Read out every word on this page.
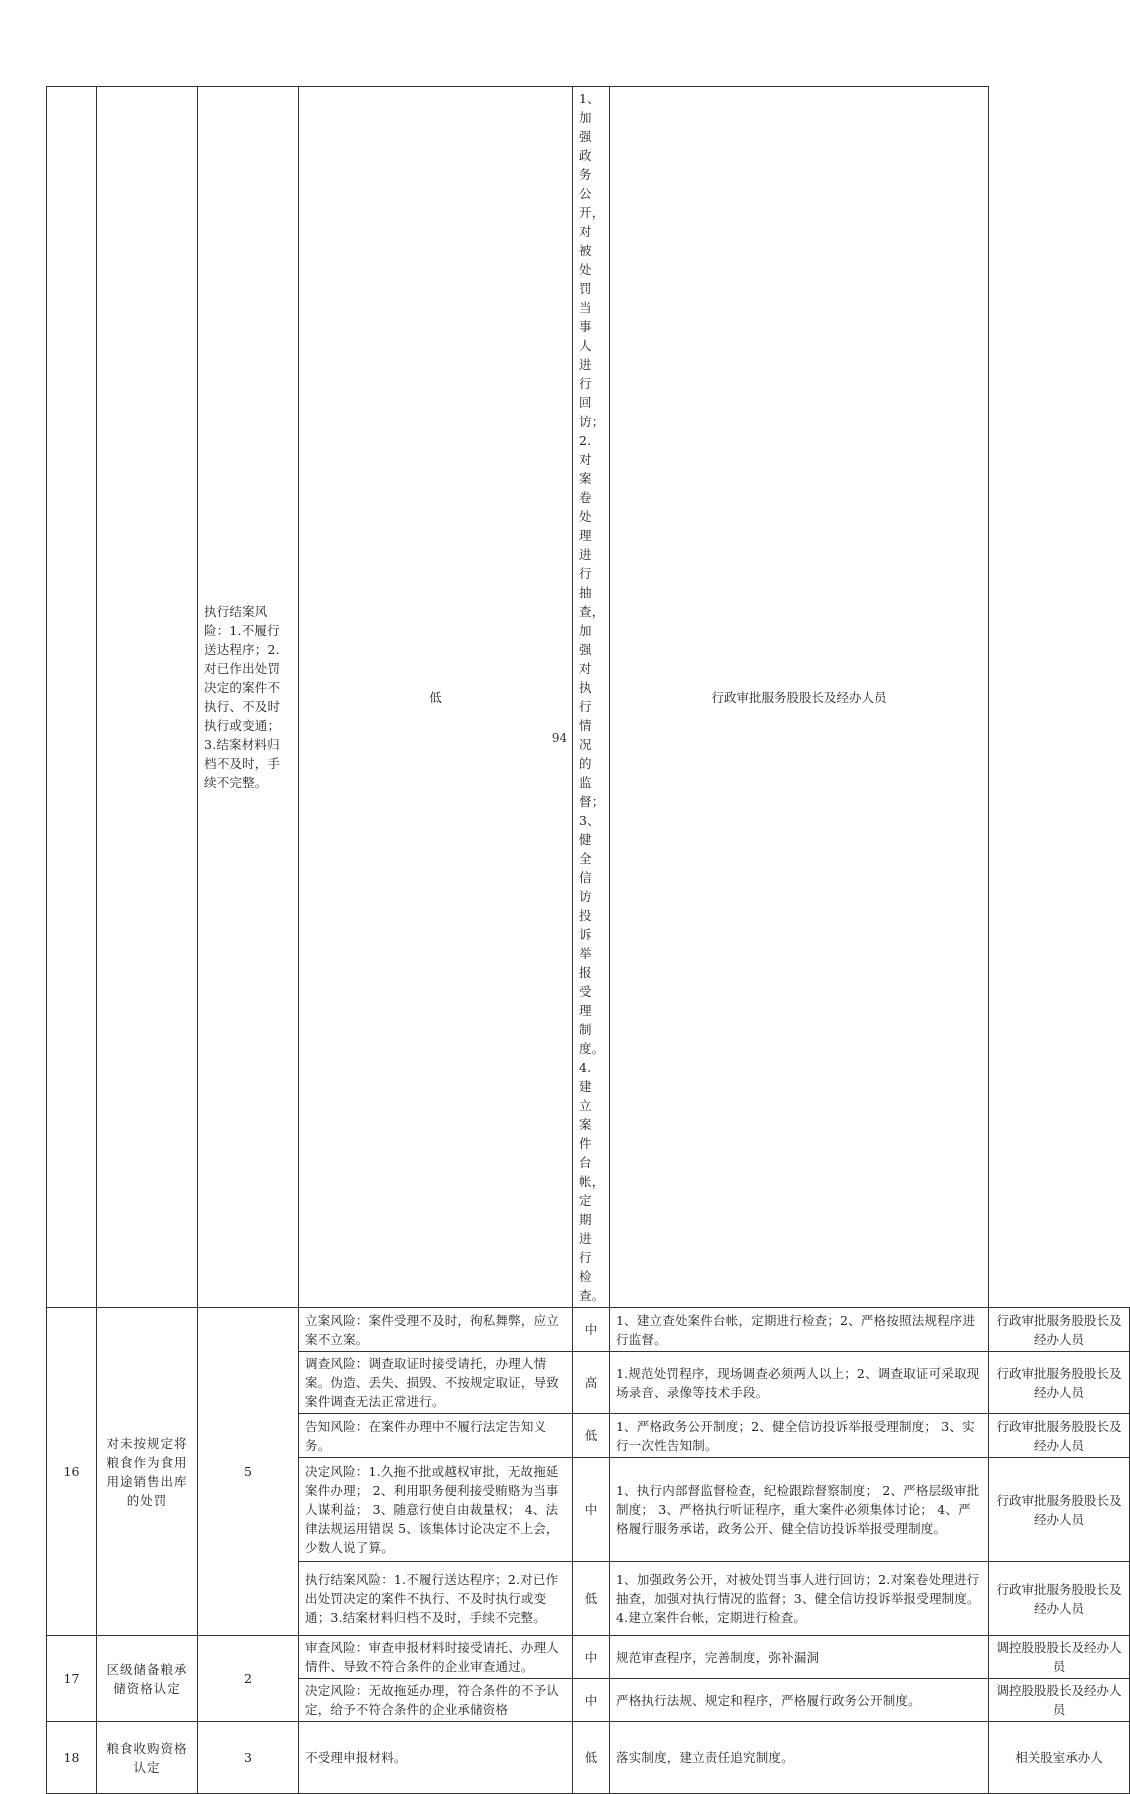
		执行结案风险：1.不履行送达程序；2.对已作出处罚决定的案件不执行、不及时执行或变通；3.结案材料归档不及时，手续不完整。	低	1、加强政务公开，对被处罚当事人进行回访；2.对案卷处理进行抽查，加强对执行情况的监督；3、健全信访投诉举报受理制度。4.建立案件台帐，定期进行检查。	行政审批服务股股长及经办人员	
16	对未按规定将粮食作为食用用途销售出库的处罚	5	立案风险：案件受理不及时，徇私舞弊，应立案不立案。	中	1、建立查处案件台帐，定期进行检查；2、严格按照法规程序进行监督。	行政审批服务股股长及经办人员
			调查风险：调查取证时接受请托，办理人情案。伪造、丢失、损毁、不按规定取证，导致案件调查无法正常进行。	高	1.规范处罚程序，现场调查必须两人以上；2、调查取证可采取现场录音、录像等技术手段。	行政审批服务股股长及经办人员
			告知风险：在案件办理中不履行法定告知义务。	低	1、严格政务公开制度；2、健全信访投诉举报受理制度； 3、实行一次性告知制。	行政审批服务股股长及经办人员
			决定风险：1.久拖不批或越权审批，无故拖延案件办理； 2、利用职务便利接受贿赂为当事人谋利益； 3、随意行使自由裁量权； 4、法律法规运用错误 5、该集体讨论决定不上会， 少数人说了算。	中	1、执行内部督监督检查，纪检跟踪督察制度； 2、严格层级审批制度； 3、严格执行听证程序，重大案件必须集体讨论； 4、严格履行服务承诺，政务公开、健全信访投诉举报受理制度。	行政审批服务股股长及经办人员
			执行结案风险：1.不履行送达程序；2.对已作出处罚决定的案件不执行、不及时执行或变通；3.结案材料归档不及时，手续不完整。	低	1、加强政务公开，对被处罚当事人进行回访；2.对案卷处理进行抽查，加强对执行情况的监督；3、健全信访投诉举报受理制度。4.建立案件台帐，定期进行检查。	行政审批服务股股长及经办人员
17	区级储备粮承储资格认定	2	审查风险：审查申报材料时接受请托、办理人情件、导致不符合条件的企业审查通过。	中	规范审查程序，完善制度，弥补漏洞	调控股股股长及经办人员
			决定风险：无故拖延办理，符合条件的不予认定，给予不符合条件的企业承储资格	中	严格执行法规、规定和程序，严格履行政务公开制度。	调控股股股长及经办人员
18	粮食收购资格认定	3	不受理申报材料。	低	落实制度，建立责任追究制度。	相关股室承办人
94
